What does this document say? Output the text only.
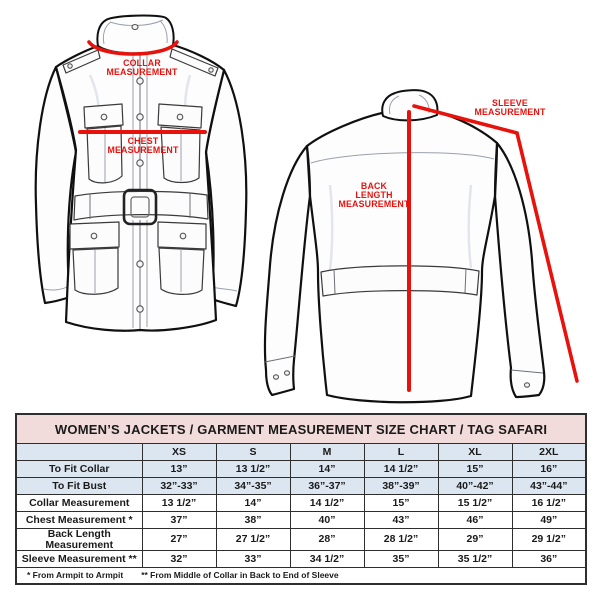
COLLAR
MEASUREMENT
CHEST
MEASUREMENT
BACK
LENGTH
MEASUREMENT
SLEEVE
MEASUREMENT
WOMEN’S JACKETS / GARMENT MEASUREMENT SIZE CHART / TAG SAFARI						
	XS	S	M	L	XL	2XL
To Fit Collar	13”	13 1/2”	14”	14 1/2”	15”	16”
To Fit Bust	32”-33”	34”-35”	36”-37”	38”-39”	40”-42”	43”-44”
Collar Measurement	13 1/2”	14”	14 1/2”	15”	15 1/2”	16 1/2”
Chest Measurement *	37”	38”	40”	43”	46”	49”
Back Length Measurement	27”	27 1/2”	28”	28 1/2”	29”	29 1/2”
Sleeve Measurement **	32”	33”	34 1/2”	35”	35 1/2”	36”
* From Armpit to Armpit ** From Middle of Collar in Back to End of Sleeve						
